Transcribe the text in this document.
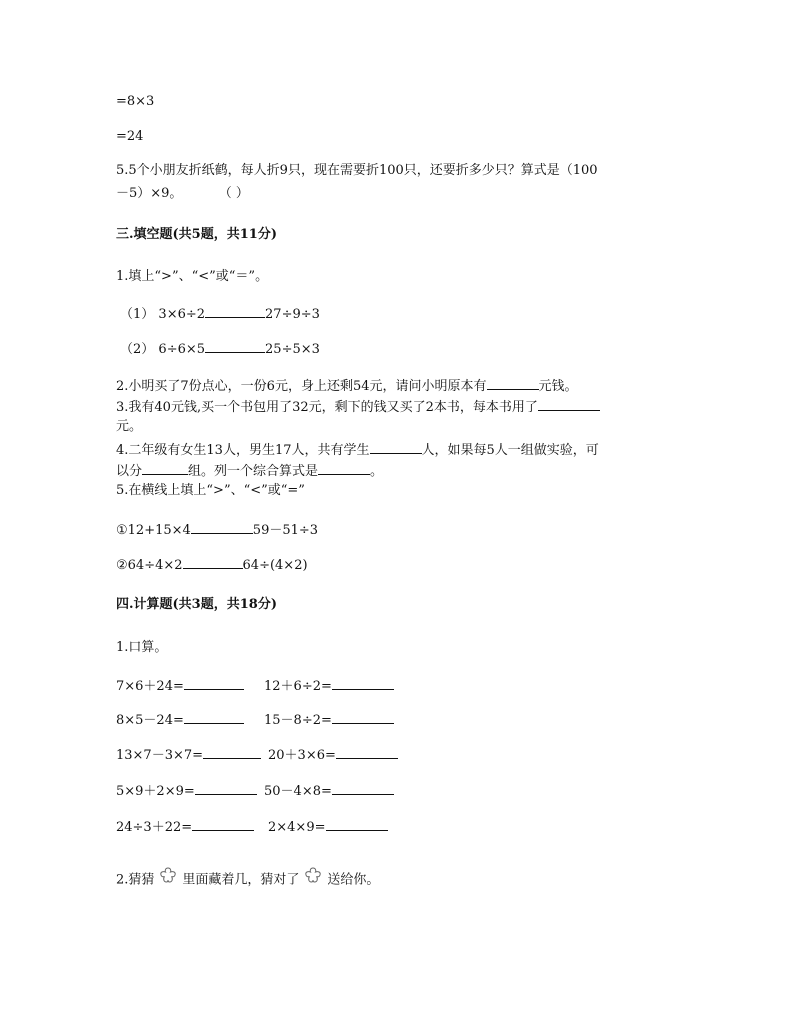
=8×3
=24
5.5个小朋友折纸鹤，每人折9只，现在需要折100只，还要折多少只？算式是（100
－5）×9。	（ ）
三.填空题(共5题，共11分)
1.填上“>”、“<”或“＝”。
（1） 3×6÷2	27÷9÷3
（2） 6÷6×5	25÷5×3
2.小明买了7份点心，一份6元，身上还剩54元，请问小明原本有	元钱。
3.我有40元钱,买一个书包用了32元，剩下的钱又买了2本书，每本书用了
元。
4.二年级有女生13人，男生17人，共有学生	人，如果每5人一组做实验，可
以分	组。列一个综合算式是	。
5.在横线上填上“>”、“<”或“=”
①12+15×4	59－51÷3
②64÷4×2	64÷(4×2)
四.计算题(共3题，共18分)
1.口算。
7×6＋24=	12＋6÷2=
8×5－24=	15－8÷2=
13×7－3×7=	20＋3×6=
5×9＋2×9=	50－4×8=
24÷3＋22=	2×4×9=
2.猜猜 里面藏着几，猜对了 送给你。
